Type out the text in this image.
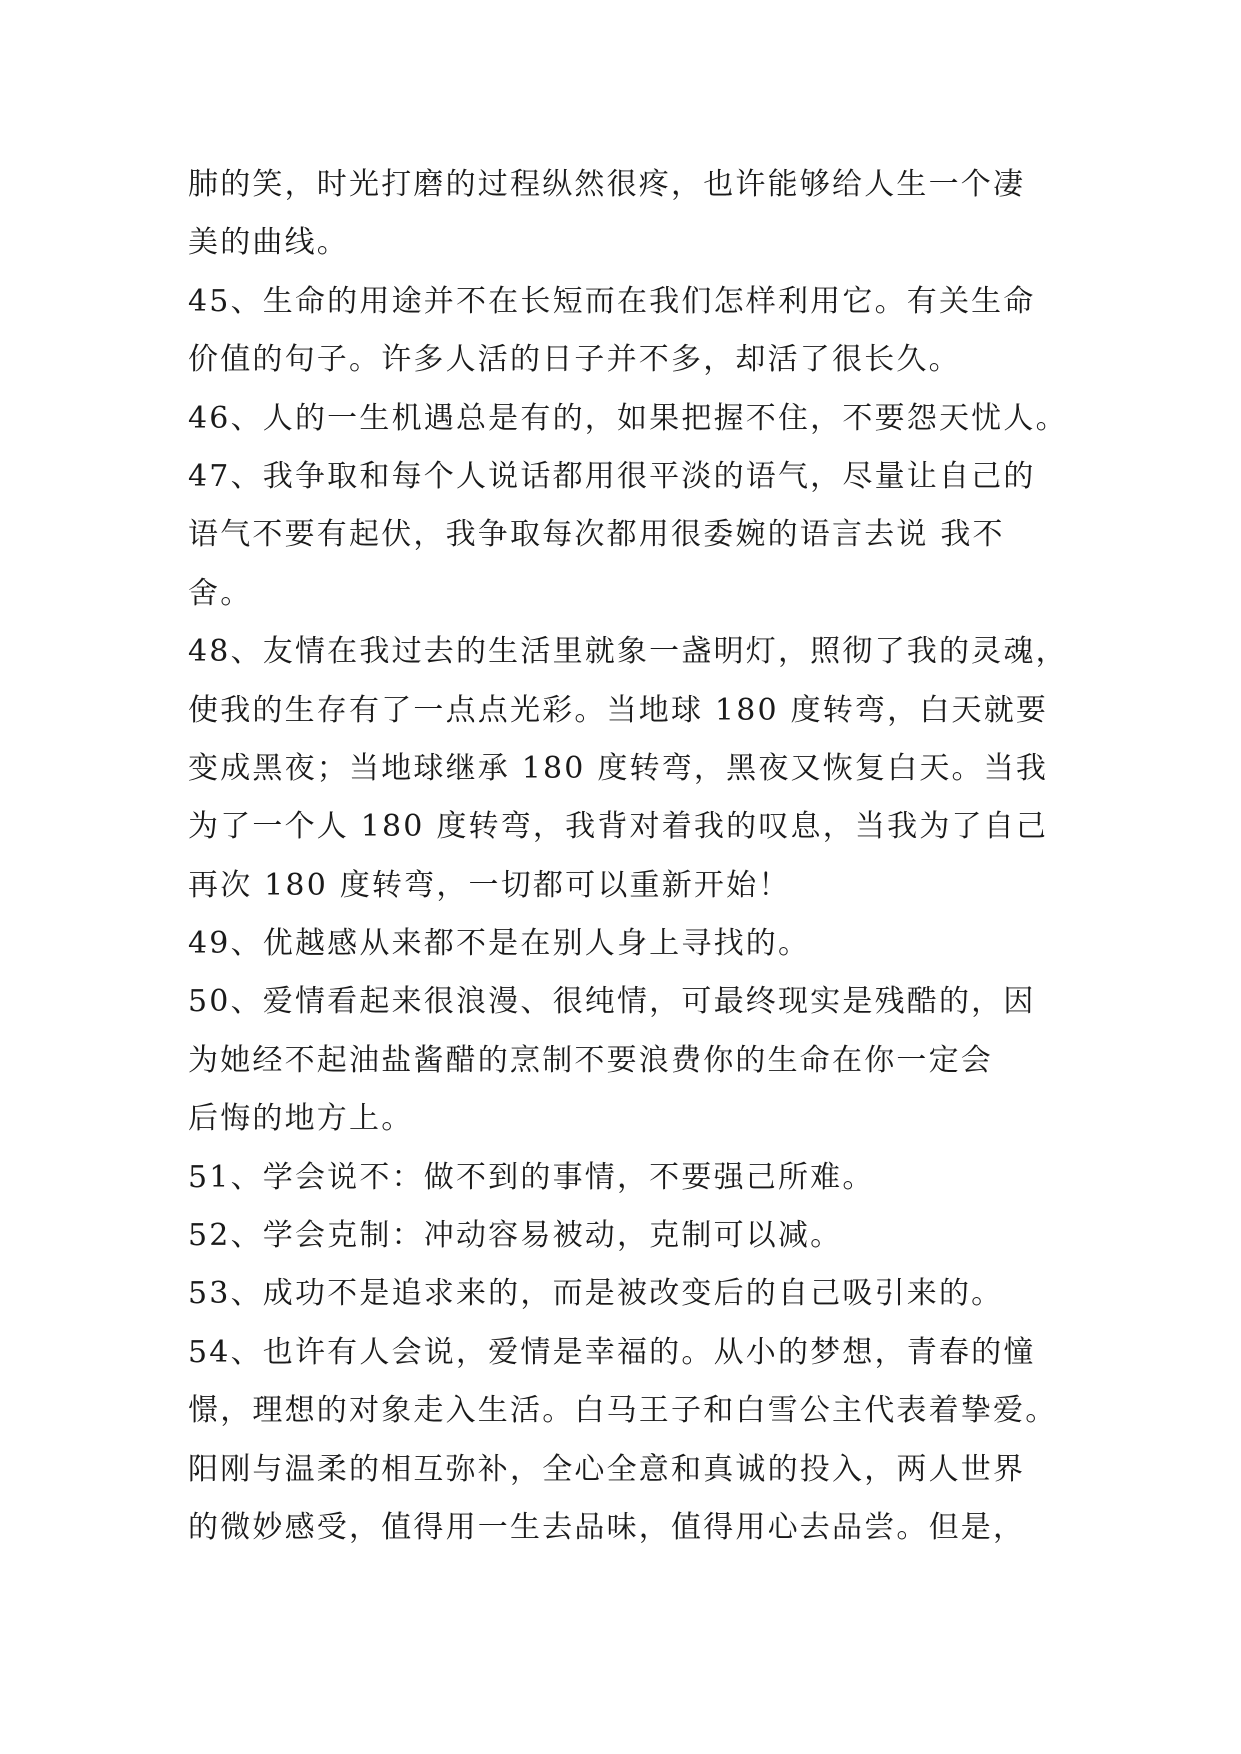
肺的笑，时光打磨的过程纵然很疼，也许能够给人生一个凄
美的曲线。
45、生命的用途并不在长短而在我们怎样利用它。有关生命
价值的句子。许多人活的日子并不多，却活了很长久。
46、人的一生机遇总是有的，如果把握不住，不要怨天忧人。
47、我争取和每个人说话都用很平淡的语气，尽量让自己的
语气不要有起伏，我争取每次都用很委婉的语言去说 我不
舍。
48、友情在我过去的生活里就象一盏明灯，照彻了我的灵魂，
使我的生存有了一点点光彩。当地球 180 度转弯，白天就要
变成黑夜；当地球继承 180 度转弯，黑夜又恢复白天。当我
为了一个人 180 度转弯，我背对着我的叹息，当我为了自己
再次 180 度转弯，一切都可以重新开始！
49、优越感从来都不是在别人身上寻找的。
50、爱情看起来很浪漫、很纯情，可最终现实是残酷的，因
为她经不起油盐酱醋的烹制不要浪费你的生命在你一定会
后悔的地方上。
51、学会说不：做不到的事情，不要强己所难。
52、学会克制：冲动容易被动，克制可以减。
53、成功不是追求来的，而是被改变后的自己吸引来的。
54、也许有人会说，爱情是幸福的。从小的梦想，青春的憧
憬，理想的对象走入生活。白马王子和白雪公主代表着挚爱。
阳刚与温柔的相互弥补，全心全意和真诚的投入，两人世界
的微妙感受，值得用一生去品味，值得用心去品尝。但是，
